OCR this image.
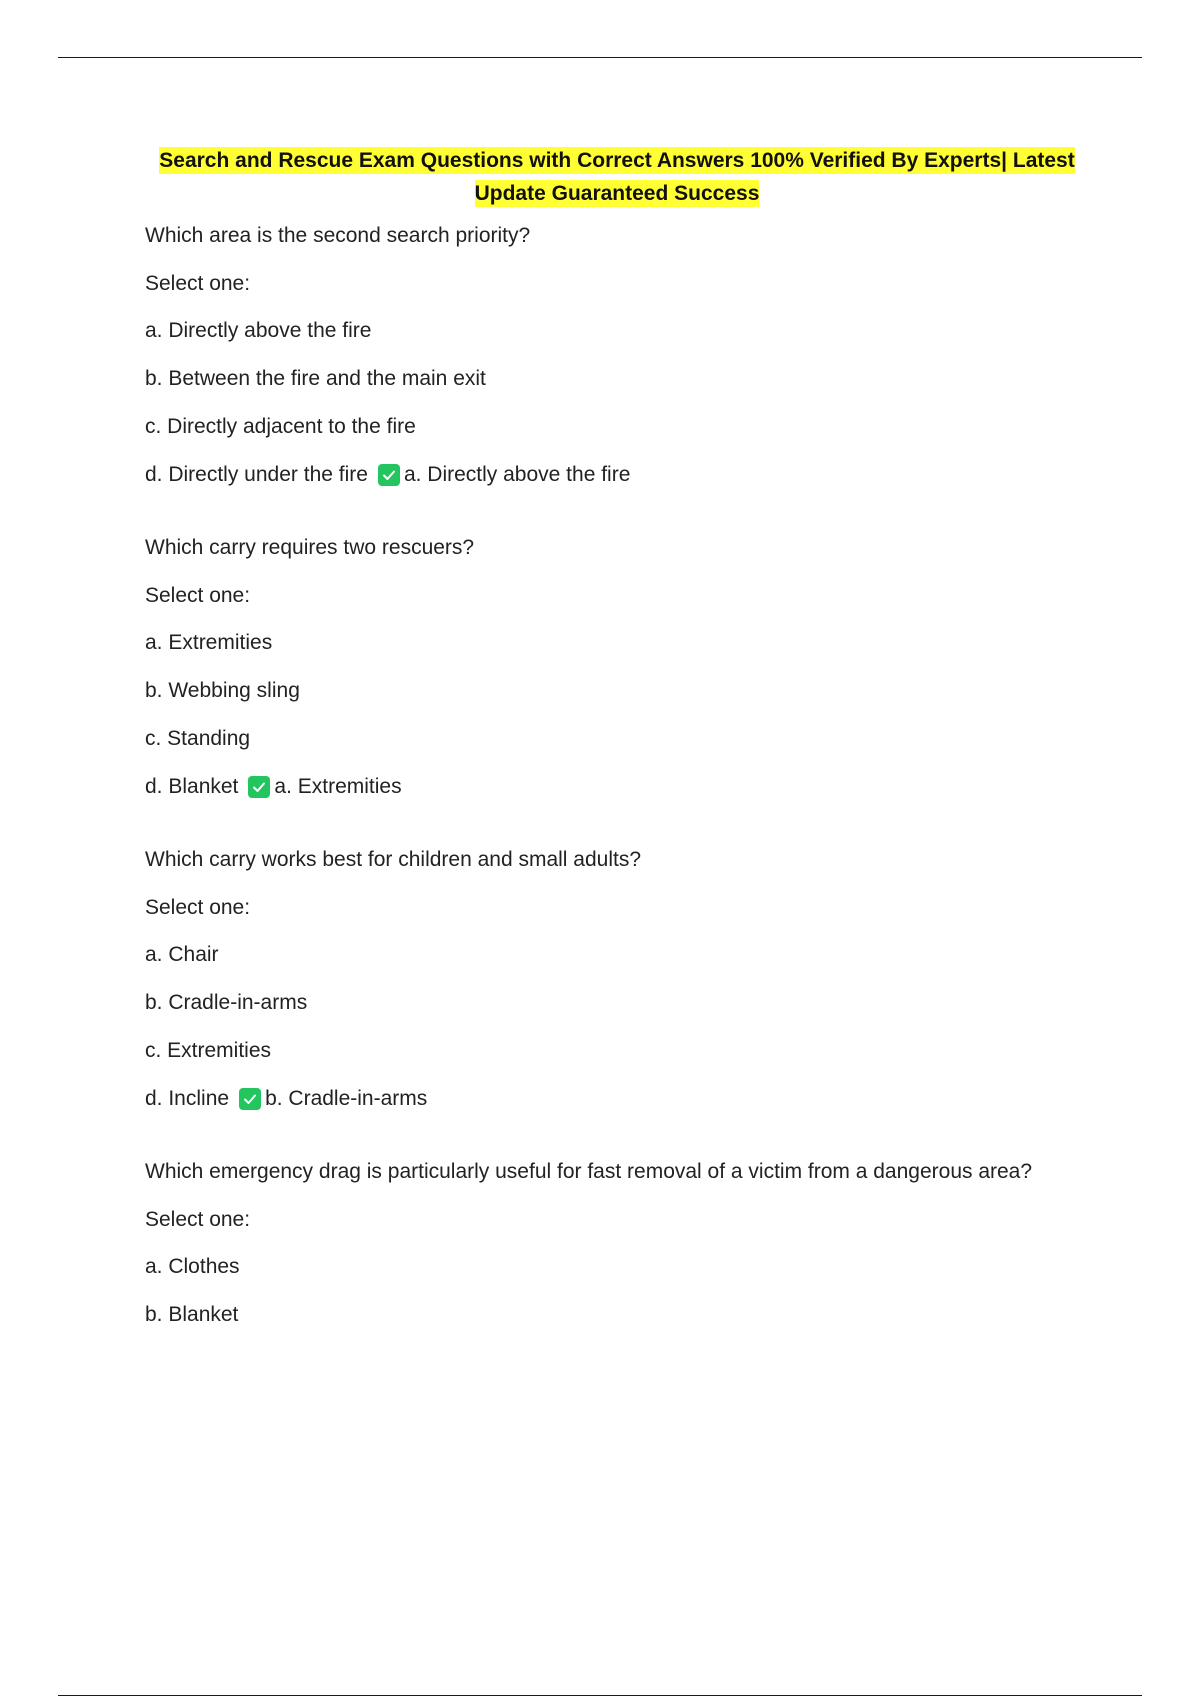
Search and Rescue Exam Questions with Correct Answers 100% Verified By Experts| Latest
Update Guaranteed Success
Which area is the second search priority?
Select one:
a. Directly above the fire
b. Between the fire and the main exit
c. Directly adjacent to the fire
d. Directly under the fire a. Directly above the fire
Which carry requires two rescuers?
Select one:
a. Extremities
b. Webbing sling
c. Standing
d. Blanket a. Extremities
Which carry works best for children and small adults?
Select one:
a. Chair
b. Cradle-in-arms
c. Extremities
d. Incline b. Cradle-in-arms
Which emergency drag is particularly useful for fast removal of a victim from a dangerous area?
Select one:
a. Clothes
b. Blanket
